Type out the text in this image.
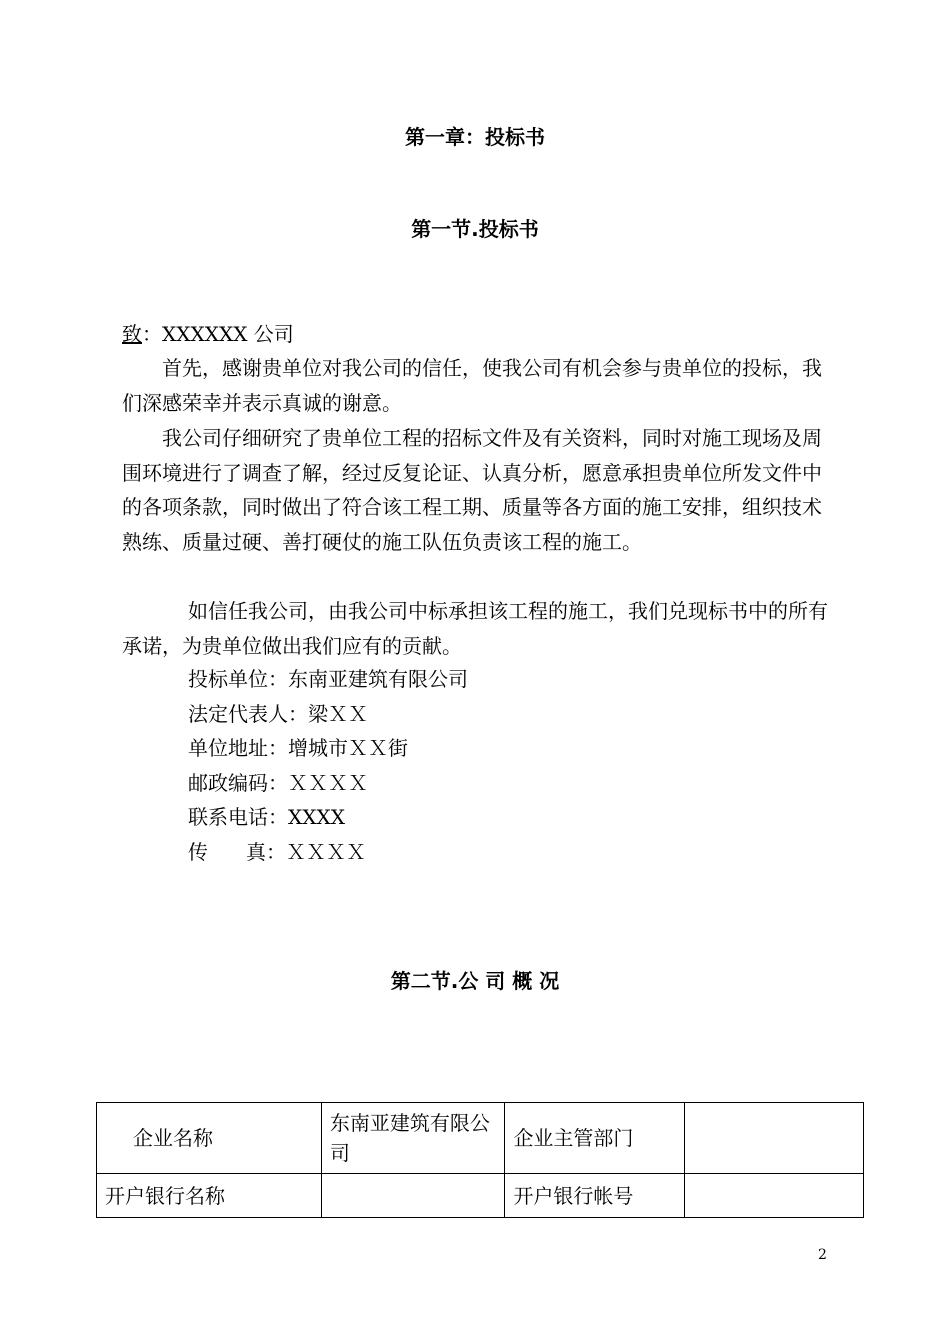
第一章：投标书
第一节.投标书
致：XXXXXX 公司
首先，感谢贵单位对我公司的信任，使我公司有机会参与贵单位的投标，我们深感荣幸并表示真诚的谢意。
我公司仔细研究了贵单位工程的招标文件及有关资料，同时对施工现场及周围环境进行了调查了解，经过反复论证、认真分析，愿意承担贵单位所发文件中的各项条款，同时做出了符合该工程工期、质量等各方面的施工安排，组织技术熟练、质量过硬、善打硬仗的施工队伍负责该工程的施工。
如信任我公司，由我公司中标承担该工程的施工，我们兑现标书中的所有承诺，为贵单位做出我们应有的贡献。
投标单位：东南亚建筑有限公司
法定代表人：梁ＸＸ
单位地址：增城市ＸＸ街
邮政编码：ＸＸＸＸ
联系电话：XXXX
传 真：ＸＸＸＸ
第二节.公 司 概 况
企业名称	东南亚建筑有限公司	企业主管部门	
开户银行名称		开户银行帐号	
2
